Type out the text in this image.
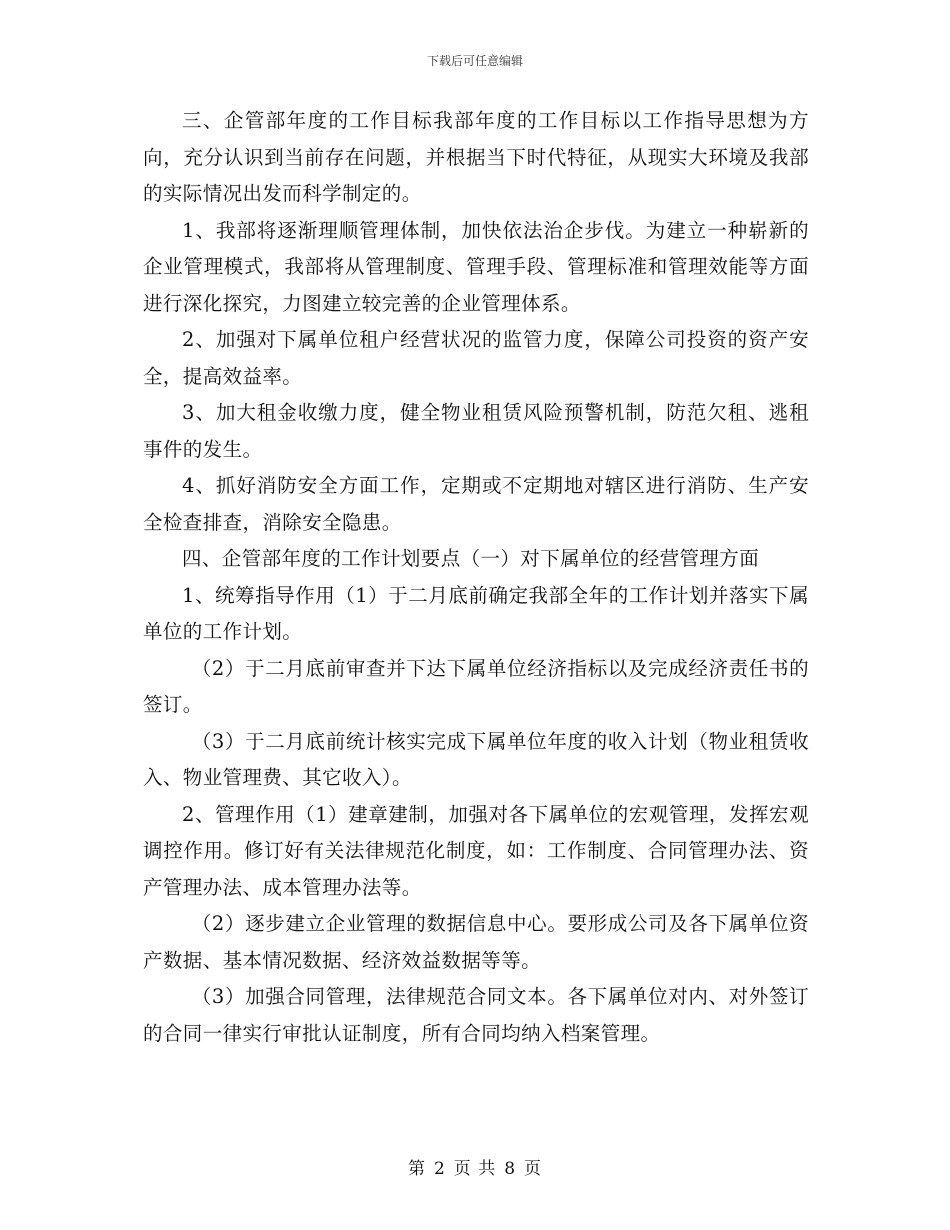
下载后可任意编辑

三、企管部年度的工作目标我部年度的工作目标以工作指导思想为方向，充分认识到当前存在问题，并根据当下时代特征，从现实大环境及我部的实际情况出发而科学制定的。

1、我部将逐渐理顺管理体制，加快依法治企步伐。为建立一种崭新的企业管理模式，我部将从管理制度、管理手段、管理标准和管理效能等方面进行深化探究，力图建立较完善的企业管理体系。

2、加强对下属单位租户经营状况的监管力度，保障公司投资的资产安全，提高效益率。

3、加大租金收缴力度，健全物业租赁风险预警机制，防范欠租、逃租事件的发生。

4、抓好消防安全方面工作，定期或不定期地对辖区进行消防、生产安全检查排查，消除安全隐患。

四、企管部年度的工作计划要点（一）对下属单位的经营管理方面

1、统筹指导作用（1）于二月底前确定我部全年的工作计划并落实下属单位的工作计划。

（2）于二月底前审查并下达下属单位经济指标以及完成经济责任书的签订。

（3）于二月底前统计核实完成下属单位年度的收入计划（物业租赁收入、物业管理费、其它收入）。

2、管理作用（1）建章建制，加强对各下属单位的宏观管理，发挥宏观调控作用。修订好有关法律规范化制度，如：工作制度、合同管理办法、资产管理办法、成本管理办法等。

（2）逐步建立企业管理的数据信息中心。要形成公司及各下属单位资产数据、基本情况数据、经济效益数据等等。

（3）加强合同管理，法律规范合同文本。各下属单位对内、对外签订的合同一律实行审批认证制度，所有合同均纳入档案管理。

第 2 页 共 8 页
